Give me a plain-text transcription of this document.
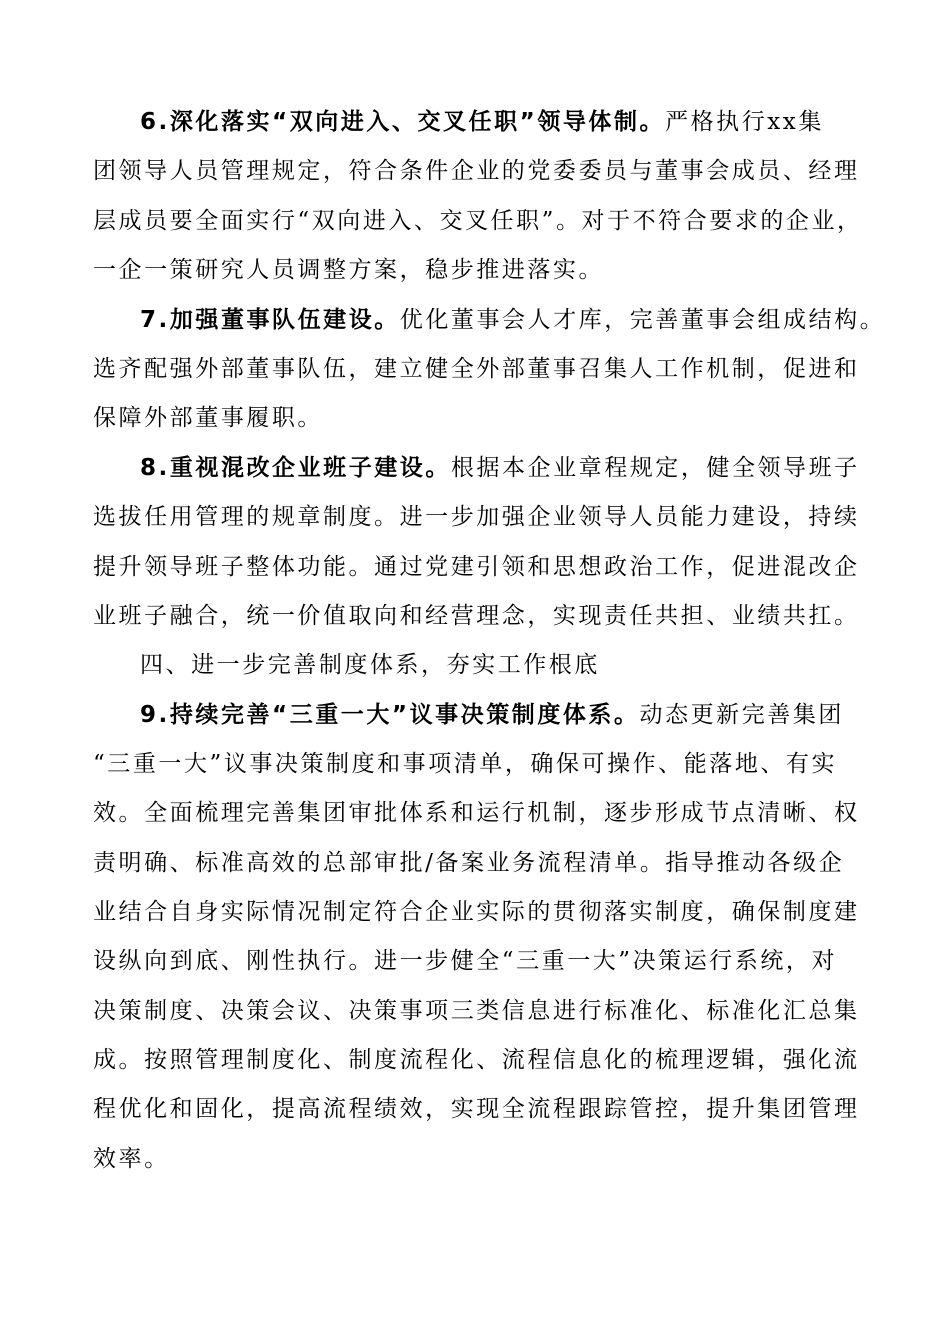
6.深化落实“双向进入、交叉任职”领导体制。严格执行xx集
团领导人员管理规定，符合条件企业的党委委员与董事会成员、经理
层成员要全面实行“双向进入、交叉任职”。对于不符合要求的企业，
一企一策研究人员调整方案，稳步推进落实。
7.加强董事队伍建设。优化董事会人才库，完善董事会组成结构。
选齐配强外部董事队伍，建立健全外部董事召集人工作机制，促进和
保障外部董事履职。
8.重视混改企业班子建设。根据本企业章程规定，健全领导班子
选拔任用管理的规章制度。进一步加强企业领导人员能力建设，持续
提升领导班子整体功能。通过党建引领和思想政治工作，促进混改企
业班子融合，统一价值取向和经营理念，实现责任共担、业绩共扛。
四、进一步完善制度体系，夯实工作根底
9.持续完善“三重一大”议事决策制度体系。动态更新完善集团
“三重一大”议事决策制度和事项清单，确保可操作、能落地、有实
效。全面梳理完善集团审批体系和运行机制，逐步形成节点清晰、权
责明确、标准高效的总部审批/备案业务流程清单。指导推动各级企
业结合自身实际情况制定符合企业实际的贯彻落实制度，确保制度建
设纵向到底、刚性执行。进一步健全“三重一大”决策运行系统，对
决策制度、决策会议、决策事项三类信息进行标准化、标准化汇总集
成。按照管理制度化、制度流程化、流程信息化的梳理逻辑，强化流
程优化和固化，提高流程绩效，实现全流程跟踪管控，提升集团管理
效率。
